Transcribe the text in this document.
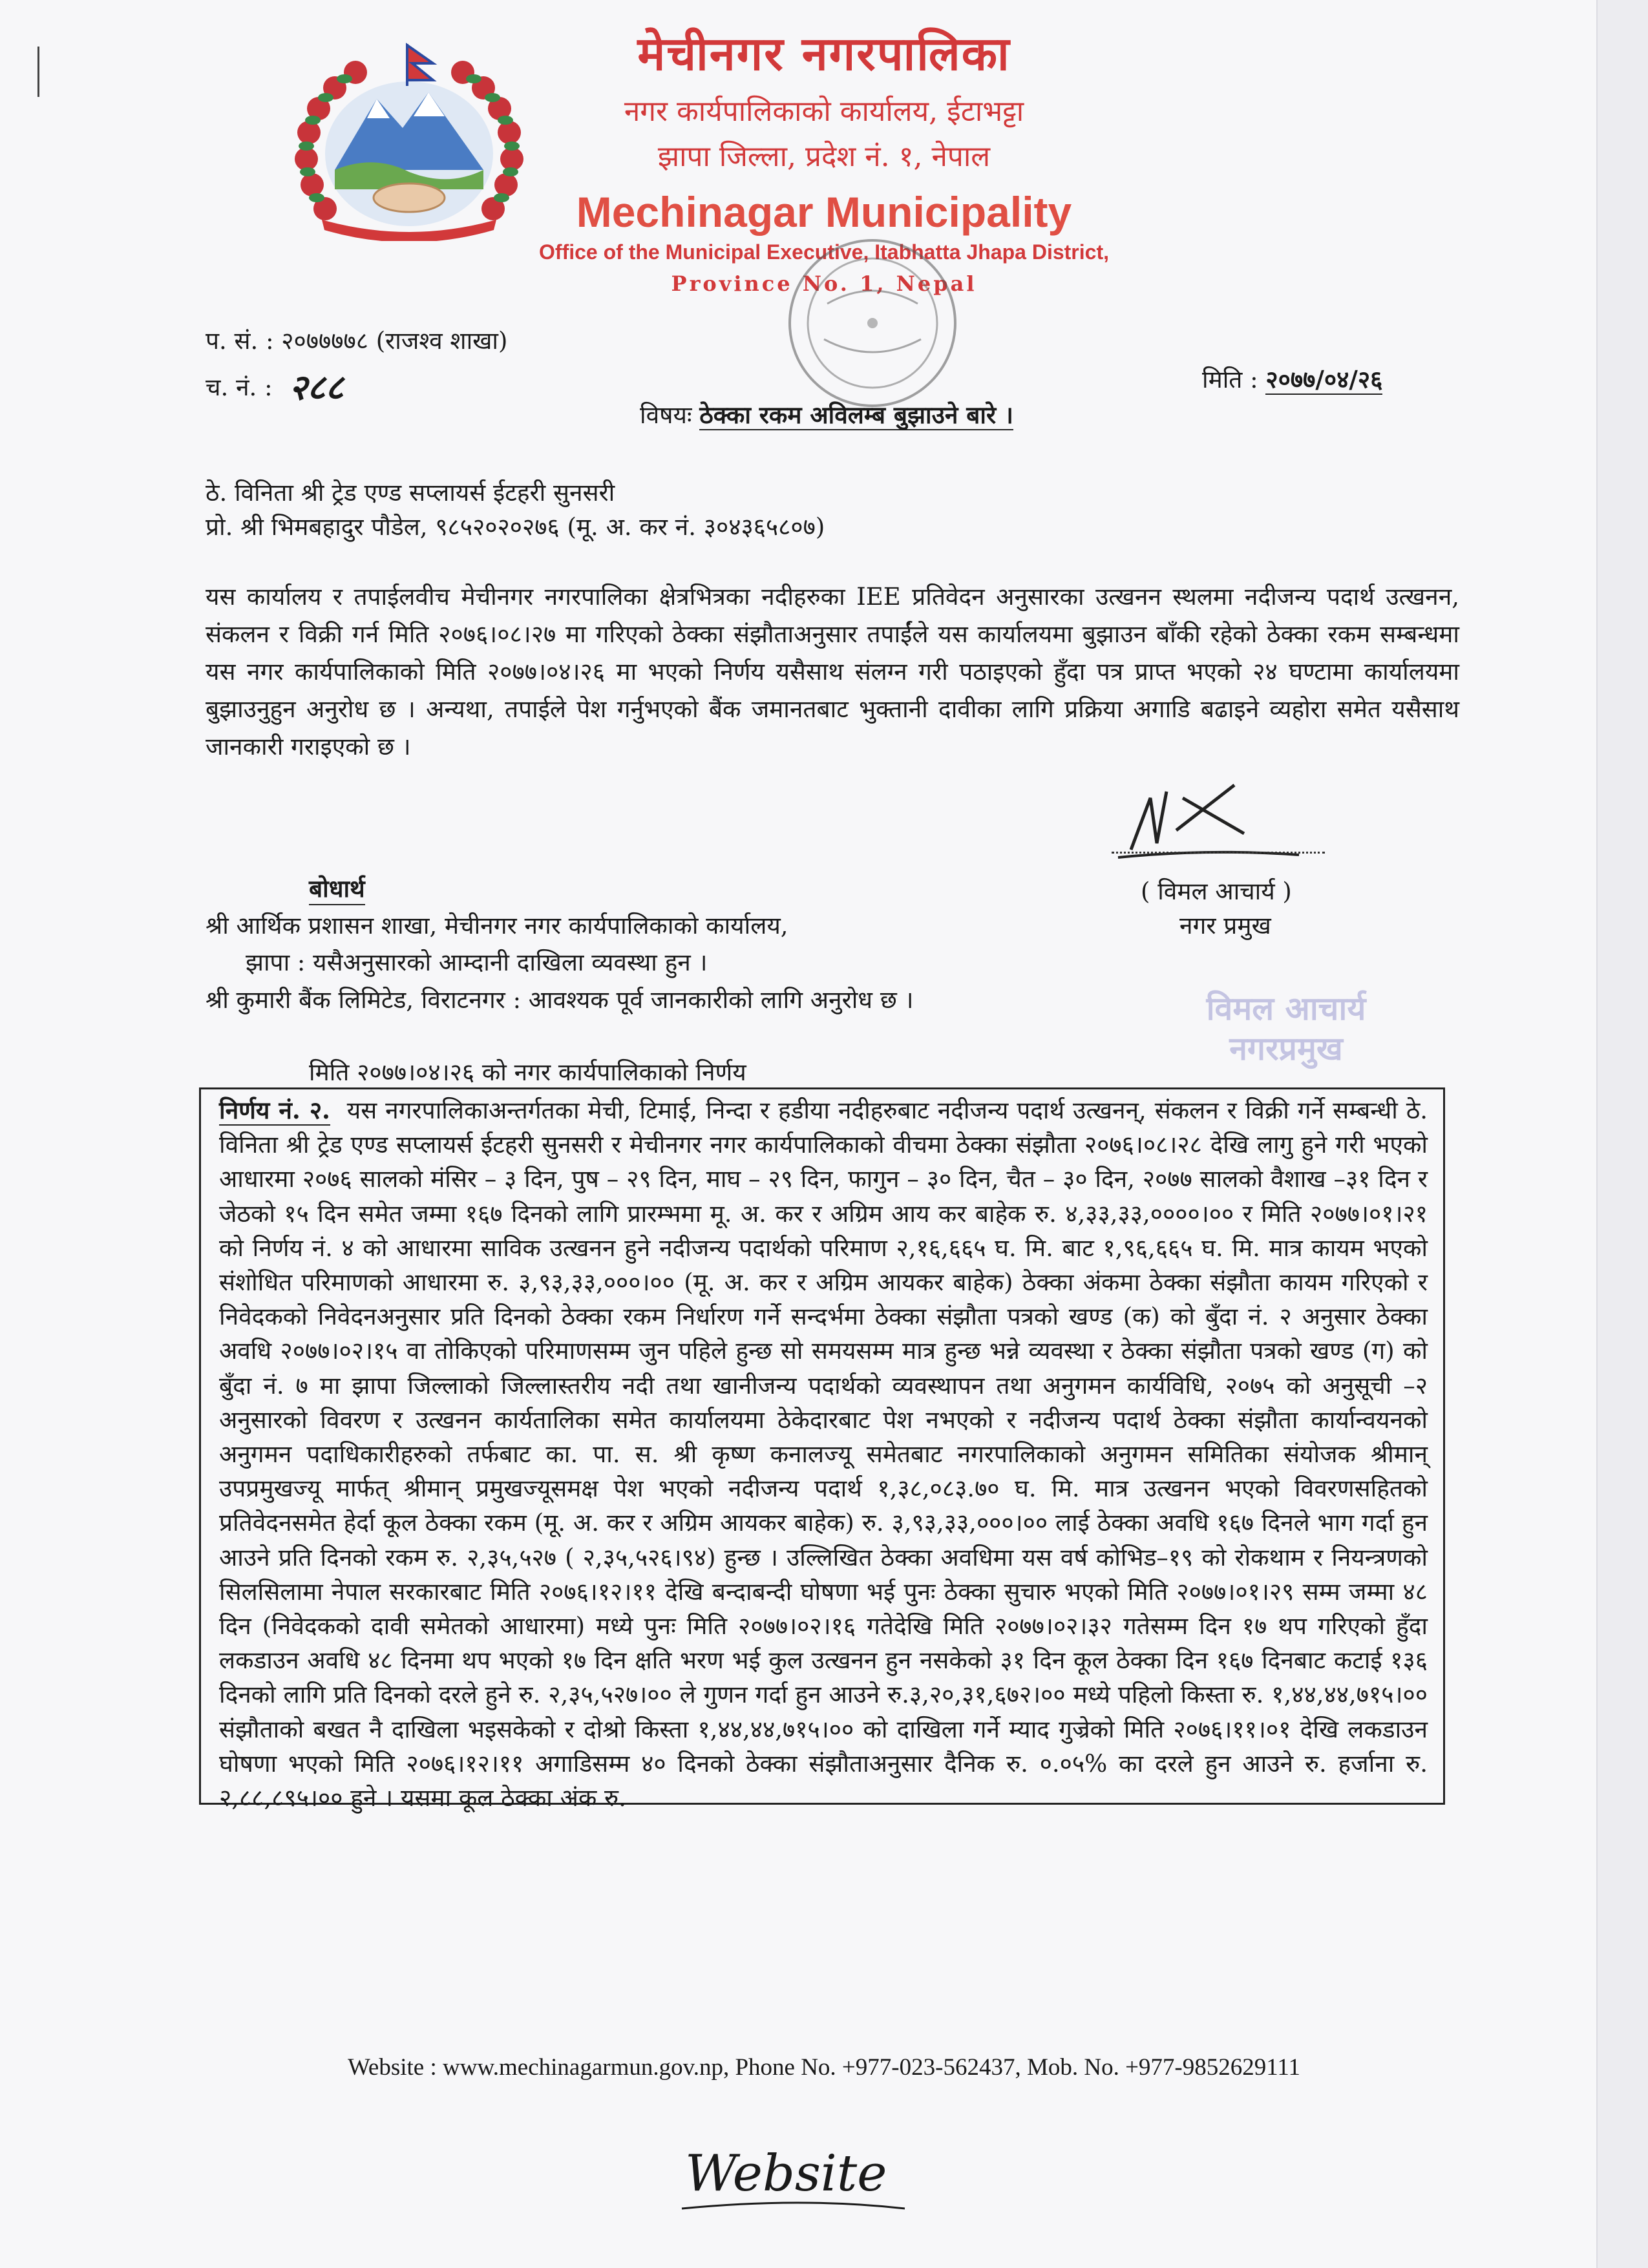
मेचीनगर नगरपालिका
नगर कार्यपालिकाको कार्यालय, ईटाभट्टा
झापा जिल्ला, प्रदेश नं. १, नेपाल
Mechinagar Municipality
Office of the Municipal Executive, Itabhatta Jhapa District,
Province No. 1, Nepal
प. सं. : २०७७७७८ (राजश्व शाखा)
च. नं. : २८८	मिति : २०७७/०४/२६
विषयः ठेक्का रकम अविलम्ब बुझाउने बारे ।
ठे. विनिता श्री ट्रेड एण्ड सप्लायर्स ईटहरी सुनसरी
प्रो. श्री भिमबहादुर पौडेल, ९८५२०२०२७६ (मू. अ. कर नं. ३०४३६५८०७)
यस कार्यालय र तपाईलवीच मेचीनगर नगरपालिका क्षेत्रभित्रका नदीहरुका IEE प्रतिवेदन अनुसारका उत्खनन स्थलमा नदीजन्य पदार्थ उत्खनन, संकलन र विक्री गर्न मिति २०७६।०८।२७ मा गरिएको ठेक्का संझौताअनुसार तपाईंले यस कार्यालयमा बुझाउन बाँकी रहेको ठेक्का रकम सम्बन्धमा यस नगर कार्यपालिकाको मिति २०७७।०४।२६ मा भएको निर्णय यसैसाथ संलग्न गरी पठाइएको हुँदा पत्र प्राप्त भएको २४ घण्टामा कार्यालयमा बुझाउनुहुन अनुरोध छ । अन्यथा, तपाईले पेश गर्नुभएको बैंक जमानतबाट भुक्तानी दावीका लागि प्रक्रिया अगाडि बढाइने व्यहोरा समेत यसैसाथ जानकारी गराइएको छ ।
( विमल आचार्य )
नगर प्रमुख
बोधार्थ
श्री आर्थिक प्रशासन शाखा, मेचीनगर नगर कार्यपालिकाको कार्यालय,
झापा : यसैअनुसारको आम्दानी दाखिला व्यवस्था हुन ।
श्री कुमारी बैंक लिमिटेड, विराटनगर : आवश्यक पूर्व जानकारीको लागि अनुरोध छ ।	विमल आचार्य
नगरप्रमुख
मिति २०७७।०४।२६ को नगर कार्यपालिकाको निर्णय
निर्णय नं. २. यस नगरपालिकाअन्तर्गतका मेची, टिमाई, निन्दा र हडीया नदीहरुबाट नदीजन्य पदार्थ उत्खनन्, संकलन र विक्री गर्ने सम्बन्धी ठे. विनिता श्री ट्रेड एण्ड सप्लायर्स ईटहरी सुनसरी र मेचीनगर नगर कार्यपालिकाको वीचमा ठेक्का संझौता २०७६।०८।२८ देखि लागु हुने गरी भएको आधारमा २०७६ सालको मंसिर – ३ दिन, पुष – २९ दिन, माघ – २९ दिन, फागुन – ३० दिन, चैत – ३० दिन, २०७७ सालको वैशाख –३१ दिन र जेठको १५ दिन समेत जम्मा १६७ दिनको लागि प्रारम्भमा मू. अ. कर र अग्रिम आय कर बाहेक रु. ४,३३,३३,००००।०० र मिति २०७७।०१।२१ को निर्णय नं. ४ को आधारमा साविक उत्खनन हुने नदीजन्य पदार्थको परिमाण २,१६,६६५ घ. मि. बाट १,९६,६६५ घ. मि. मात्र कायम भएको संशोधित परिमाणको आधारमा रु. ३,९३,३३,०००।०० (मू. अ. कर र अग्रिम आयकर बाहेक) ठेक्का अंकमा ठेक्का संझौता कायम गरिएको र निवेदकको निवेदनअनुसार प्रति दिनको ठेक्का रकम निर्धारण गर्ने सन्दर्भमा ठेक्का संझौता पत्रको खण्ड (क) को बुँदा नं. २ अनुसार ठेक्का अवधि २०७७।०२।१५ वा तोकिएको परिमाणसम्म जुन पहिले हुन्छ सो समयसम्म मात्र हुन्छ भन्ने व्यवस्था र ठेक्का संझौता पत्रको खण्ड (ग) को बुँदा नं. ७ मा झापा जिल्लाको जिल्लास्तरीय नदी तथा खानीजन्य पदार्थको व्यवस्थापन तथा अनुगमन कार्यविधि, २०७५ को अनुसूची –२ अनुसारको विवरण र उत्खनन कार्यतालिका समेत कार्यालयमा ठेकेदारबाट पेश नभएको र नदीजन्य पदार्थ ठेक्का संझौता कार्यान्वयनको अनुगमन पदाधिकारीहरुको तर्फबाट का. पा. स. श्री कृष्ण कनालज्यू समेतबाट नगरपालिकाको अनुगमन समितिका संयोजक श्रीमान् उपप्रमुखज्यू मार्फत् श्रीमान् प्रमुखज्यूसमक्ष पेश भएको नदीजन्य पदार्थ १,३८,०८३.७० घ. मि. मात्र उत्खनन भएको विवरणसहितको प्रतिवेदनसमेत हेर्दा कूल ठेक्का रकम (मू. अ. कर र अग्रिम आयकर बाहेक) रु. ३,९३,३३,०००।०० लाई ठेक्का अवधि १६७ दिनले भाग गर्दा हुन आउने प्रति दिनको रकम रु. २,३५,५२७ ( २,३५,५२६।९४) हुन्छ । उल्लिखित ठेक्का अवधिमा यस वर्ष कोभिड–१९ को रोकथाम र नियन्त्रणको सिलसिलामा नेपाल सरकारबाट मिति २०७६।१२।११ देखि बन्दाबन्दी घोषणा भई पुनः ठेक्का सुचारु भएको मिति २०७७।०१।२९ सम्म जम्मा ४८ दिन (निवेदकको दावी समेतको आधारमा) मध्ये पुनः मिति २०७७।०२।१६ गतेदेखि मिति २०७७।०२।३२ गतेसम्म दिन १७ थप गरिएको हुँदा लकडाउन अवधि ४८ दिनमा थप भएको १७ दिन क्षति भरण भई कुल उत्खनन हुन नसकेको ३१ दिन कूल ठेक्का दिन १६७ दिनबाट कटाई १३६ दिनको लागि प्रति दिनको दरले हुने रु. २,३५,५२७।०० ले गुणन गर्दा हुन आउने रु.३,२०,३१,६७२।०० मध्ये पहिलो किस्ता रु. १,४४,४४,७१५।०० संझौताको बखत नै दाखिला भइसकेको र दोश्रो किस्ता १,४४,४४,७१५।०० को दाखिला गर्ने म्याद गुज्रेको मिति २०७६।११।०१ देखि लकडाउन घोषणा भएको मिति २०७६।१२।११ अगाडिसम्म ४० दिनको ठेक्का संझौताअनुसार दैनिक रु. ०.०५% का दरले हुन आउने रु. हर्जाना रु. २,८८,८९५।०० हुने । यसमा कूल ठेक्का अंक रु.
Website : www.mechinagarmun.gov.np, Phone No. +977-023-562437, Mob. No. +977-9852629111
Website
